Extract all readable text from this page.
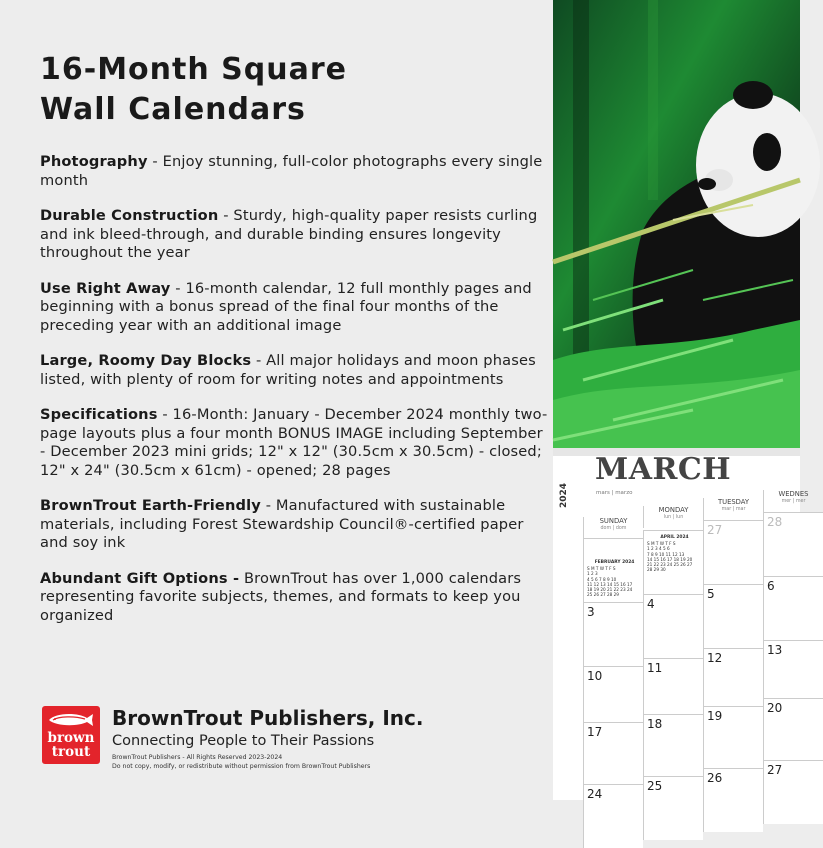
16-Month Square
Wall Calendars

Photography - Enjoy stunning, full-color photographs every single month

Durable Construction - Sturdy, high-quality paper resists curling and ink bleed-through, and durable binding ensures longevity throughout the year

Use Right Away - 16-month calendar, 12 full monthly pages and beginning with a bonus spread of the final four months of the preceding year with an additional image

Large, Roomy Day Blocks - All major holidays and moon phases listed, with plenty of room for writing notes and appointments

Specifications - 16-Month: January - December 2024 monthly two-page layouts plus a four month BONUS IMAGE including September - December 2023 mini grids; 12" x 12" (30.5cm x 30.5cm) - closed; 12" x 24" (30.5cm x 61cm) - opened; 28 pages

BrownTrout Earth-Friendly - Manufactured with sustainable materials, including Forest Stewardship Council®-certified paper and soy ink

Abundant Gift Options - BrownTrout has over 1,000 calendars representing favorite subjects, themes, and formats to keep you organized

brown
trout
BrownTrout Publishers, Inc.
Connecting People to Their Passions
BrownTrout Publishers - All Rights Reserved 2023-2024
Do not copy, modify, or redistribute without permission from BrownTrout Publishers
2024
MARCH
mars | marzo
SUNDAY
dom | dom
MONDAY
lun | lun
TUESDAY
mar | mar
WEDNES
mer | mer
FEBRUARY 2024
S M T W T F S
1 2 3
4 5 6 7 8 9 10
11 12 13 14 15 16 17
18 19 20 21 22 23 24
25 26 27 28 29
APRIL 2024
S M T W T F S
1 2 3 4 5 6
7 8 9 10 11 12 13
14 15 16 17 18 19 20
21 22 23 24 25 26 27
28 29 30
27
28
3
4
5
6
10
11
12
13
17
18
19
20
24
25
26
27
